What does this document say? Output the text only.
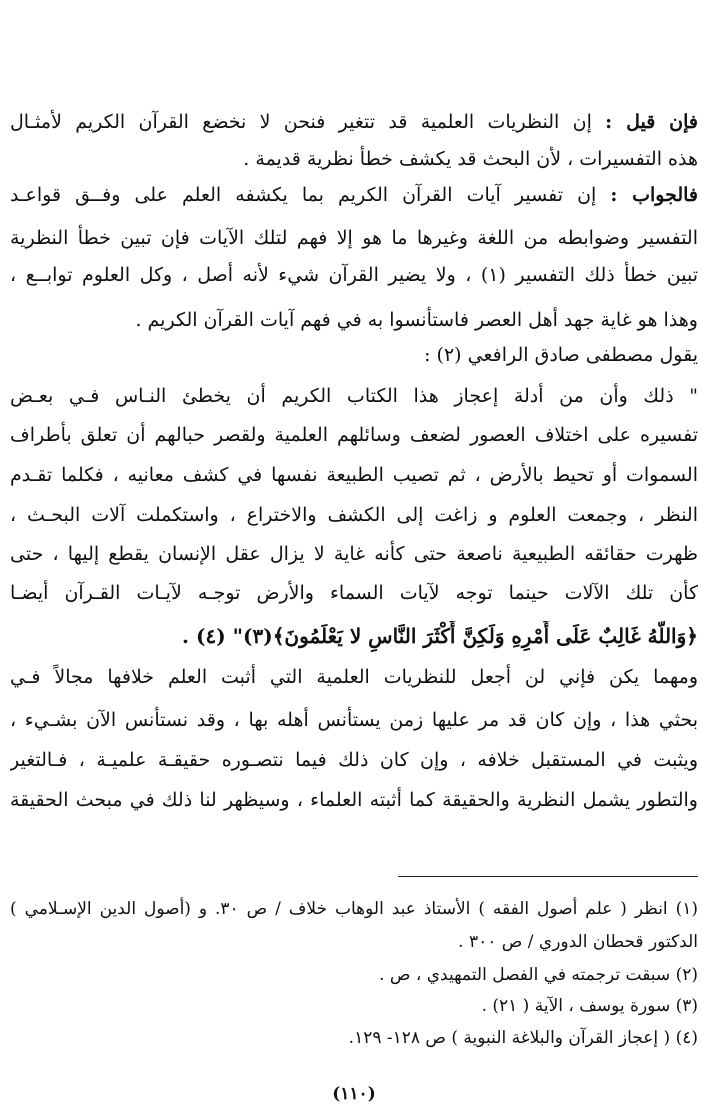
فإن قيل : إن النظريات العلمية قد تتغير فنحن لا نخضع القرآن الكريم لأمثـال
هذه التفسيرات ، لأن البحث قد يكشف خطأ نظرية قديمة .
فالجواب : إن تفسير آيات القرآن الكريم بما يكشفه العلم على وفــق قواعـد
التفسير وضوابطه من اللغة وغيرها ما هو إلا فهم لتلك الآيات فإن تبين خطأ النظرية
تبين خطأ ذلك التفسير (١) ، ولا يضير القرآن شيء لأنه أصل ، وكل العلوم توابــع ،
وهذا هو غاية جهد أهل العصر فاستأنسوا به في فهم آيات القرآن الكريم .
يقول مصطفى صادق الرافعي (٢) :
" ذلك وأن من أدلة إعجاز هذا الكتاب الكريم أن يخطئ النـاس فـي بعـض
تفسيره على اختلاف العصور لضعف وسائلهم العلمية ولقصر حبالهم أن تعلق بأطراف
السموات أو تحيط بالأرض ، ثم تصيب الطبيعة نفسها في كشف معانيه ، فكلما تقـدم
النظر ، وجمعت العلوم و زاغت إلى الكشف والاختراع ، واستكملت آلات البحـث ،
ظهرت حقائقه الطبيعية ناصعة حتى كأنه غاية لا يزال عقل الإنسان يقطع إليها ، حتى
كأن تلك الآلات حينما توجه لآيات السماء والأرض توجـه لآيـات القـرآن أيضـا
﴿وَاللَّهُ غَالِبٌ عَلَى أَمْرِهِ وَلَكِنَّ أَكْثَرَ النَّاسِ لا يَعْلَمُونَ﴾(٣)" (٤) .
ومهما يكن فإني لن أجعل للنظريات العلمية التي أثبت العلم خلافها مجالاً فـي
بحثي هذا ، وإن كان قد مر عليها زمن يستأنس أهله بها ، وقد نستأنس الآن بشـيء ،
ويثبت في المستقبل خلافه ، وإن كان ذلك فيما نتصـوره حقيقـة علميـة ، فـالتغير
والتطور يشمل النظرية والحقيقة كما أثبته العلماء ، وسيظهر لنا ذلك في مبحث الحقيقة
(١) انظر ( علم أصول الفقه ) الأستاذ عبد الوهاب خلاف / ص ٣٠. و (أصول الدين الإسـلامي )
الدكتور قحطان الدوري / ص ٣٠٠ .
(٢) سبقت ترجمته في الفصل التمهيدي ، ص .
(٣) سورة يوسف ، الآية ( ٢١) .
(٤) ( إعجاز القرآن والبلاغة النبوية ) ص ١٢٨- ١٢٩.
(١١٠)
